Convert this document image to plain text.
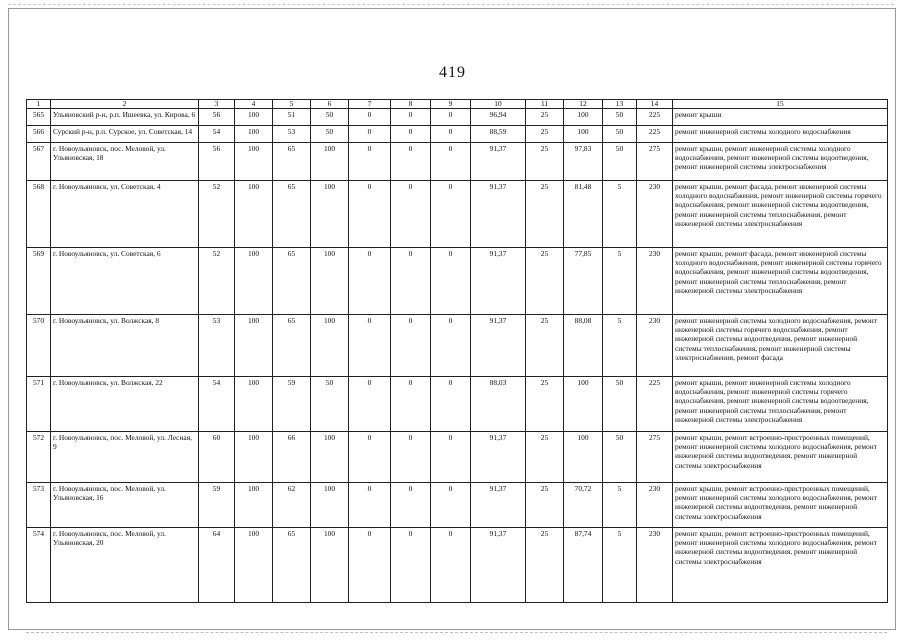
419
1	2	3	4	5	6	7	8	9	10	11	12	13	14	15
565	Ульяновский р-н, р.п. Ишеевка, ул. Кирова, 6	56	100	51	50	0	0	0	96,94	25	100	50	225	ремонт крыши
566	Сурский р-н, р.п. Сурское, ул. Советская, 14	54	100	53	50	0	0	0	88,59	25	100	50	225	ремонт инженерной системы холодного водоснабжения
567	г. Новоульяновск, пос. Меловой, ул. Ульяновская, 18	56	100	65	100	0	0	0	91,37	25	97,83	50	275	ремонт крыши, ремонт инженерной системы холодного водоснабжения, ремонт инженерной системы водоотведения, ремонт инженерной системы электроснабжения
568	г. Новоульяновск, ул. Советская, 4	52	100	65	100	0	0	0	91,37	25	81,48	5	230	ремонт крыши, ремонт фасада, ремонт инженерной системы холодного водоснабжения, ремонт инженерной системы горячего водоснабжения, ремонт инженерной системы водоотведения, ремонт инженерной системы теплоснабжения, ремонт инженерной системы электроснабжения
569	г. Новоульяновск, ул. Советская, 6	52	100	65	100	0	0	0	91,37	25	77,85	5	230	ремонт крыши, ремонт фасада, ремонт инженерной системы холодного водоснабжения, ремонт инженерной системы горячего водоснабжения, ремонт инженерной системы водоотведения, ремонт инженерной системы теплоснабжения, ремонт инженерной системы электроснабжения
570	г. Новоульяновск, ул. Волжская, 8	53	100	65	100	0	0	0	91,37	25	88,08	5	230	ремонт инженерной системы холодного водоснабжения, ремонт инженерной системы горячего водоснабжения, ремонт инженерной системы водоотведения, ремонт инженерной системы теплоснабжения, ремонт инженерной системы электроснабжения, ремонт фасада
571	г. Новоульяновск, ул. Волжская, 22	54	100	59	50	0	0	0	88,03	25	100	50	225	ремонт крыши, ремонт инженерной системы холодного водоснабжения, ремонт инженерной системы горячего водоснабжения, ремонт инженерной системы водоотведения, ремонт инженерной системы теплоснабжения, ремонт инженерной системы электроснабжения
572	г. Новоульяновск, пос. Меловой, ул. Лесная, 9	60	100	66	100	0	0	0	91,37	25	100	50	275	ремонт крыши, ремонт встроенно-пристроенных помещений, ремонт инженерной системы холодного водоснабжения, ремонт инженерной системы водоотведения, ремонт инженерной системы электроснабжения
573	г. Новоульяновск, пос. Меловой, ул. Ульяновская, 16	59	100	62	100	0	0	0	91,37	25	70,72	5	230	ремонт крыши, ремонт встроенно-пристроенных помещений, ремонт инженерной системы холодного водоснабжения, ремонт инженерной системы водоотведения, ремонт инженерной системы электроснабжения
574	г. Новоульяновск, пос. Меловой, ул. Ульяновская, 20	64	100	65	100	0	0	0	91,37	25	87,74	5	230	ремонт крыши, ремонт встроенно-пристроенных помещений, ремонт инженерной системы холодного водоснабжения, ремонт инженерной системы водоотведения, ремонт инженерной системы электроснабжения
